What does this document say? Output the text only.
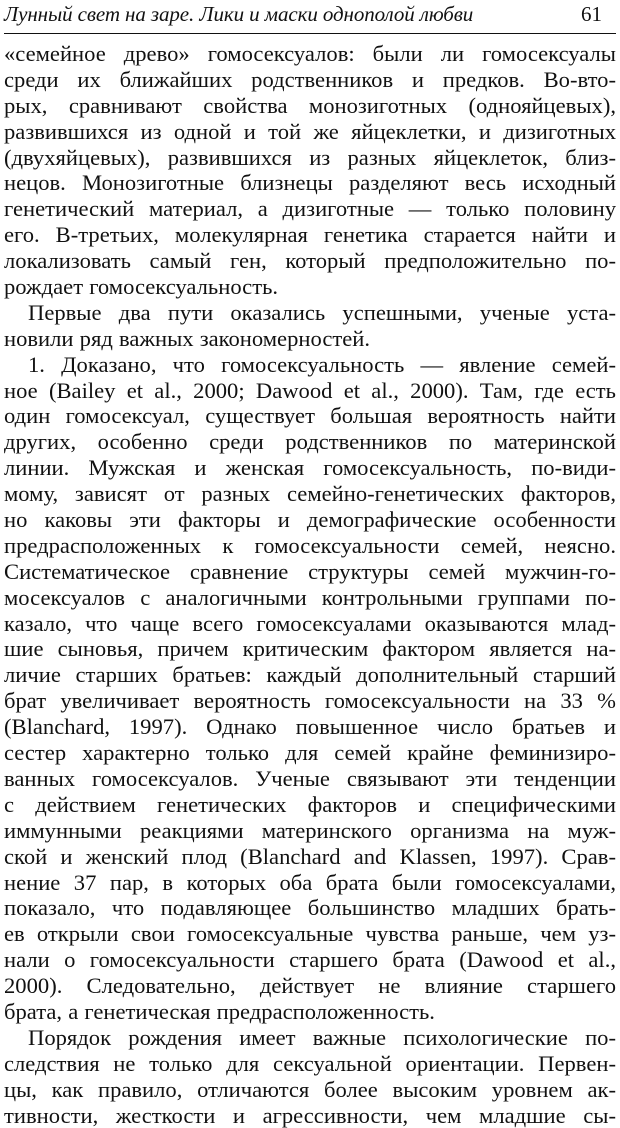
Лунный свет на заре. Лики и маски однополой любви	61
«семейное древо» гомосексуалов: были ли гомосексуалы
среди их ближайших родственников и предков. Во-вто-
рых, сравнивают свойства монозиготных (однояйцевых),
развившихся из одной и той же яйцеклетки, и дизиготных
(двухяйцевых), развившихся из разных яйцеклеток, близ-
нецов. Монозиготные близнецы разделяют весь исходный
генетический материал, а дизиготные — только половину
его. В-третьих, молекулярная генетика старается найти и
локализовать самый ген, который предположительно по-
рождает гомосексуальность.
Первые два пути оказались успешными, ученые уста-
новили ряд важных закономерностей.
1. Доказано, что гомосексуальность — явление семей-
ное (Bailey et al., 2000; Dawood et al., 2000). Там, где есть
один гомосексуал, существует большая вероятность найти
других, особенно среди родственников по материнской
линии. Мужская и женская гомосексуальность, по-види-
мому, зависят от разных семейно-генетических факторов,
но каковы эти факторы и демографические особенности
предрасположенных к гомосексуальности семей, неясно.
Систематическое сравнение структуры семей мужчин-го-
мосексуалов с аналогичными контрольными группами по-
казало, что чаще всего гомосексуалами оказываются млад-
шие сыновья, причем критическим фактором является на-
личие старших братьев: каждый дополнительный старший
брат увеличивает вероятность гомосексуальности на 33 %
(Blanchard, 1997). Однако повышенное число братьев и
сестер характерно только для семей крайне феминизиро-
ванных гомосексуалов. Ученые связывают эти тенденции
с действием генетических факторов и специфическими
иммунными реакциями материнского организма на муж-
ской и женский плод (Blanchard and Klassen, 1997). Срав-
нение 37 пар, в которых оба брата были гомосексуалами,
показало, что подавляющее большинство младших брать-
ев открыли свои гомосексуальные чувства раньше, чем уз-
нали о гомосексуальности старшего брата (Dawood et al.,
2000). Следовательно, действует не влияние старшего
брата, а генетическая предрасположенность.
Порядок рождения имеет важные психологические по-
следствия не только для сексуальной ориентации. Первен-
цы, как правило, отличаются более высоким уровнем ак-
тивности, жесткости и агрессивности, чем младшие сы-
